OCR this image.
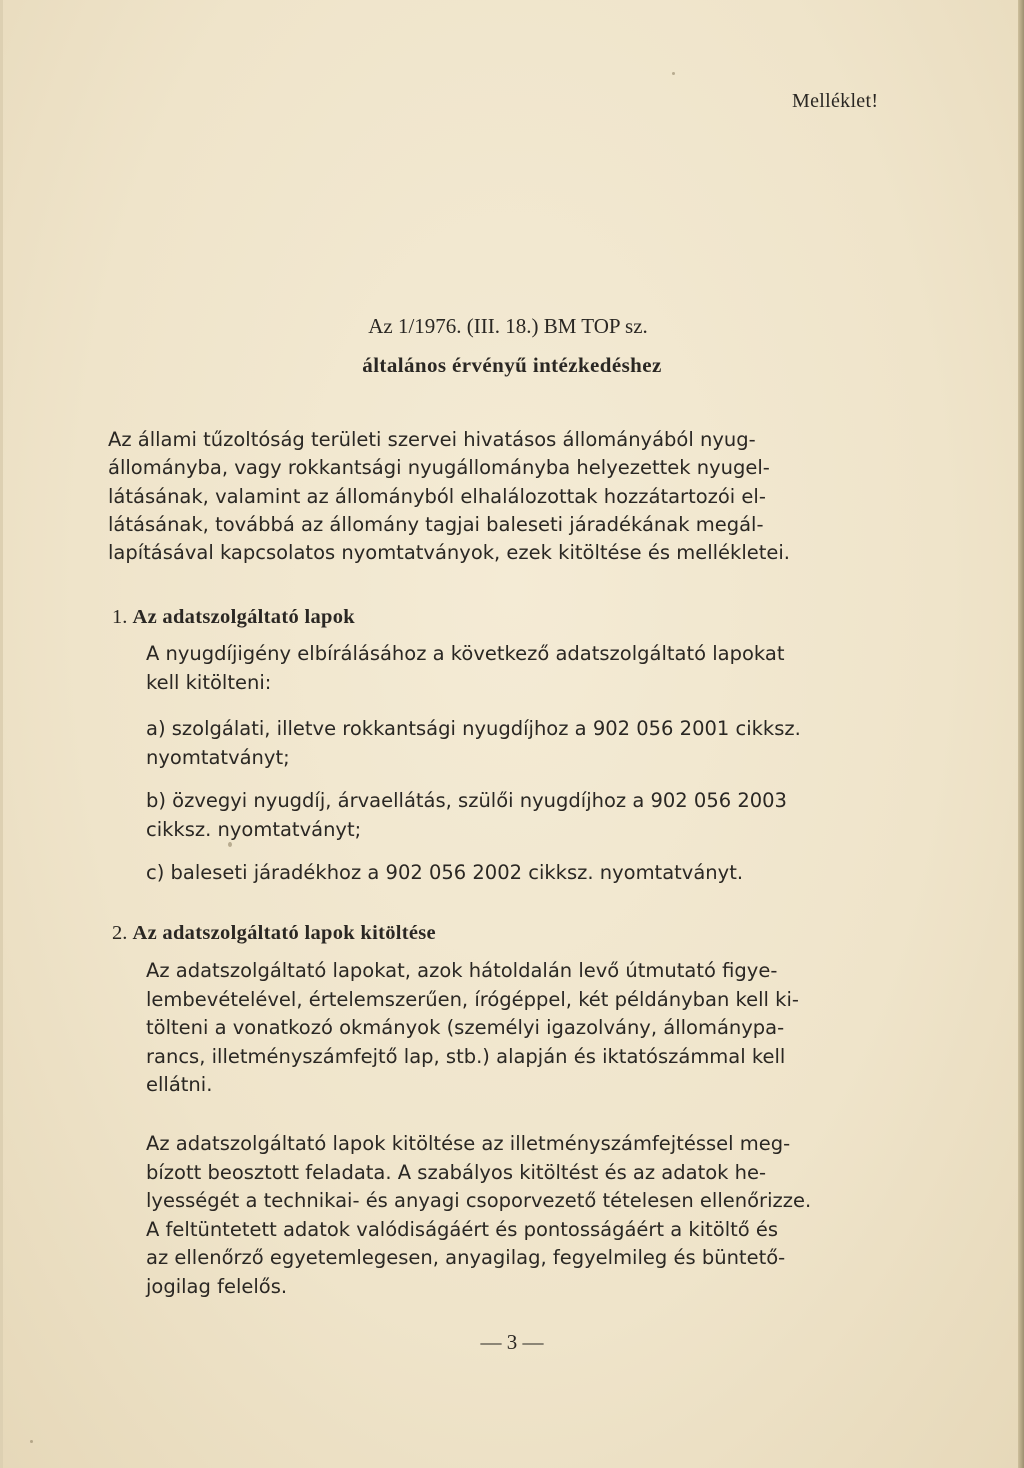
Melléklet!
Az 1/1976. (III. 18.) BM TOP sz.
általános érvényű intézkedéshez
Az állami tűzoltóság területi szervei hivatásos állományából nyug-
állományba, vagy rokkantsági nyugállományba helyezettek nyugel-
látásának, valamint az állományból elhalálozottak hozzátartozói el-
látásának, továbbá az állomány tagjai baleseti járadékának megál-
lapításával kapcsolatos nyomtatványok, ezek kitöltése és mellékletei.
1. Az adatszolgáltató lapok
A nyugdíjigény elbírálásához a következő adatszolgáltató lapokat
kell kitölteni:
a) szolgálati, illetve rokkantsági nyugdíjhoz a 902 056 2001 cikksz.
nyomtatványt;
b) özvegyi nyugdíj, árvaellátás, szülői nyugdíjhoz a 902 056 2003
cikksz. nyomtatványt;
c) baleseti járadékhoz a 902 056 2002 cikksz. nyomtatványt.
2. Az adatszolgáltató lapok kitöltése
Az adatszolgáltató lapokat, azok hátoldalán levő útmutató figye-
lembevételével, értelemszerűen, írógéppel, két példányban kell ki-
tölteni a vonatkozó okmányok (személyi igazolvány, állománypa-
rancs, illetményszámfejtő lap, stb.) alapján és iktatószámmal kell
ellátni.
Az adatszolgáltató lapok kitöltése az illetményszámfejtéssel meg-
bízott beosztott feladata. A szabályos kitöltést és az adatok he-
lyességét a technikai- és anyagi csoporvezető tételesen ellenőrizze.
A feltüntetett adatok valódiságáért és pontosságáért a kitöltő és
az ellenőrző egyetemlegesen, anyagilag, fegyelmileg és büntető-
jogilag felelős.
— 3 —
